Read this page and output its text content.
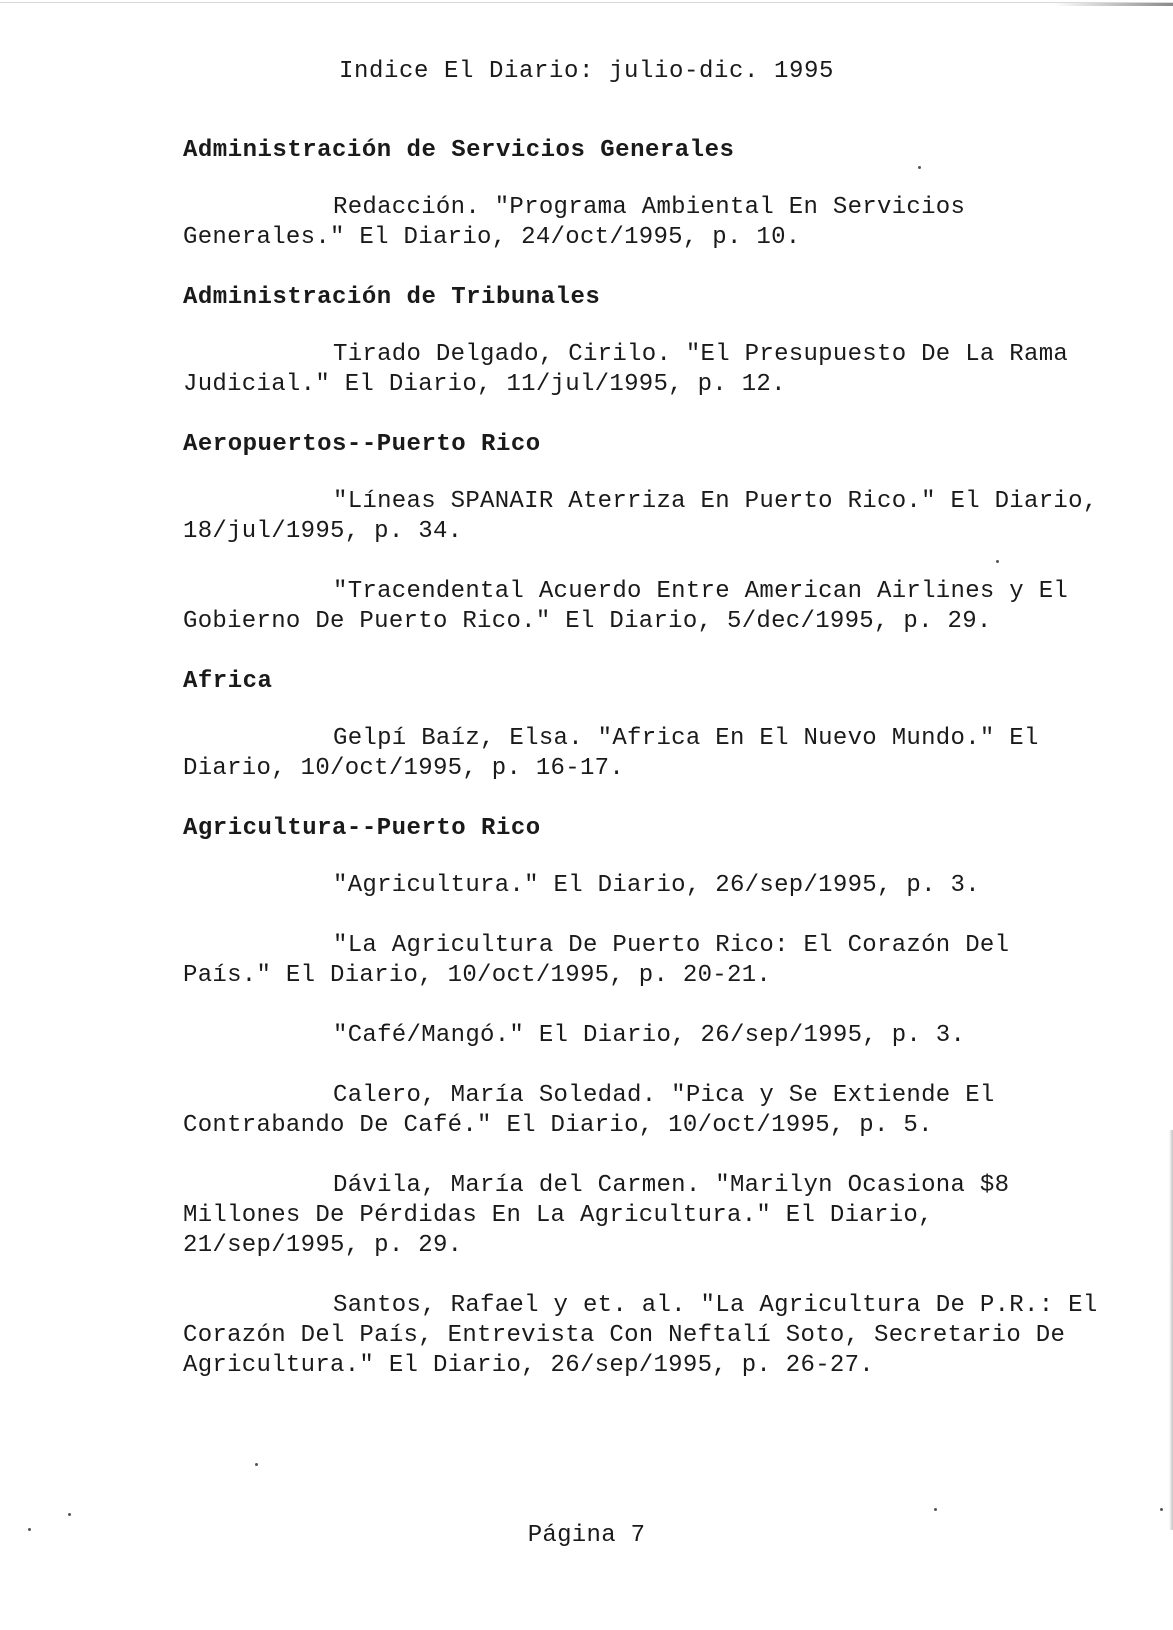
Indice El Diario: julio-dic. 1995
Administración de Servicios Generales
Redacción. "Programa Ambiental En Servicios Generales." El Diario, 24/oct/1995, p. 10.
Administración de Tribunales
Tirado Delgado, Cirilo. "El Presupuesto De La Rama Judicial." El Diario, 11/jul/1995, p. 12.
Aeropuertos--Puerto Rico
"Líneas SPANAIR Aterriza En Puerto Rico." El Diario, 18/jul/1995, p. 34.
"Tracendental Acuerdo Entre American Airlines y El Gobierno De Puerto Rico." El Diario, 5/dec/1995, p. 29.
Africa
Gelpí Baíz, Elsa. "Africa En El Nuevo Mundo." El Diario, 10/oct/1995, p. 16-17.
Agricultura--Puerto Rico
"Agricultura." El Diario, 26/sep/1995, p. 3.
"La Agricultura De Puerto Rico: El Corazón Del País." El Diario, 10/oct/1995, p. 20-21.
"Café/Mangó." El Diario, 26/sep/1995, p. 3.
Calero, María Soledad. "Pica y Se Extiende El Contrabando De Café." El Diario, 10/oct/1995, p. 5.
Dávila, María del Carmen. "Marilyn Ocasiona $8 Millones De Pérdidas En La Agricultura." El Diario, 21/sep/1995, p. 29.
Santos, Rafael y et. al. "La Agricultura De P.R.: El Corazón Del País, Entrevista Con Neftalí Soto, Secretario De Agricultura." El Diario, 26/sep/1995, p. 26-27.
Página 7
